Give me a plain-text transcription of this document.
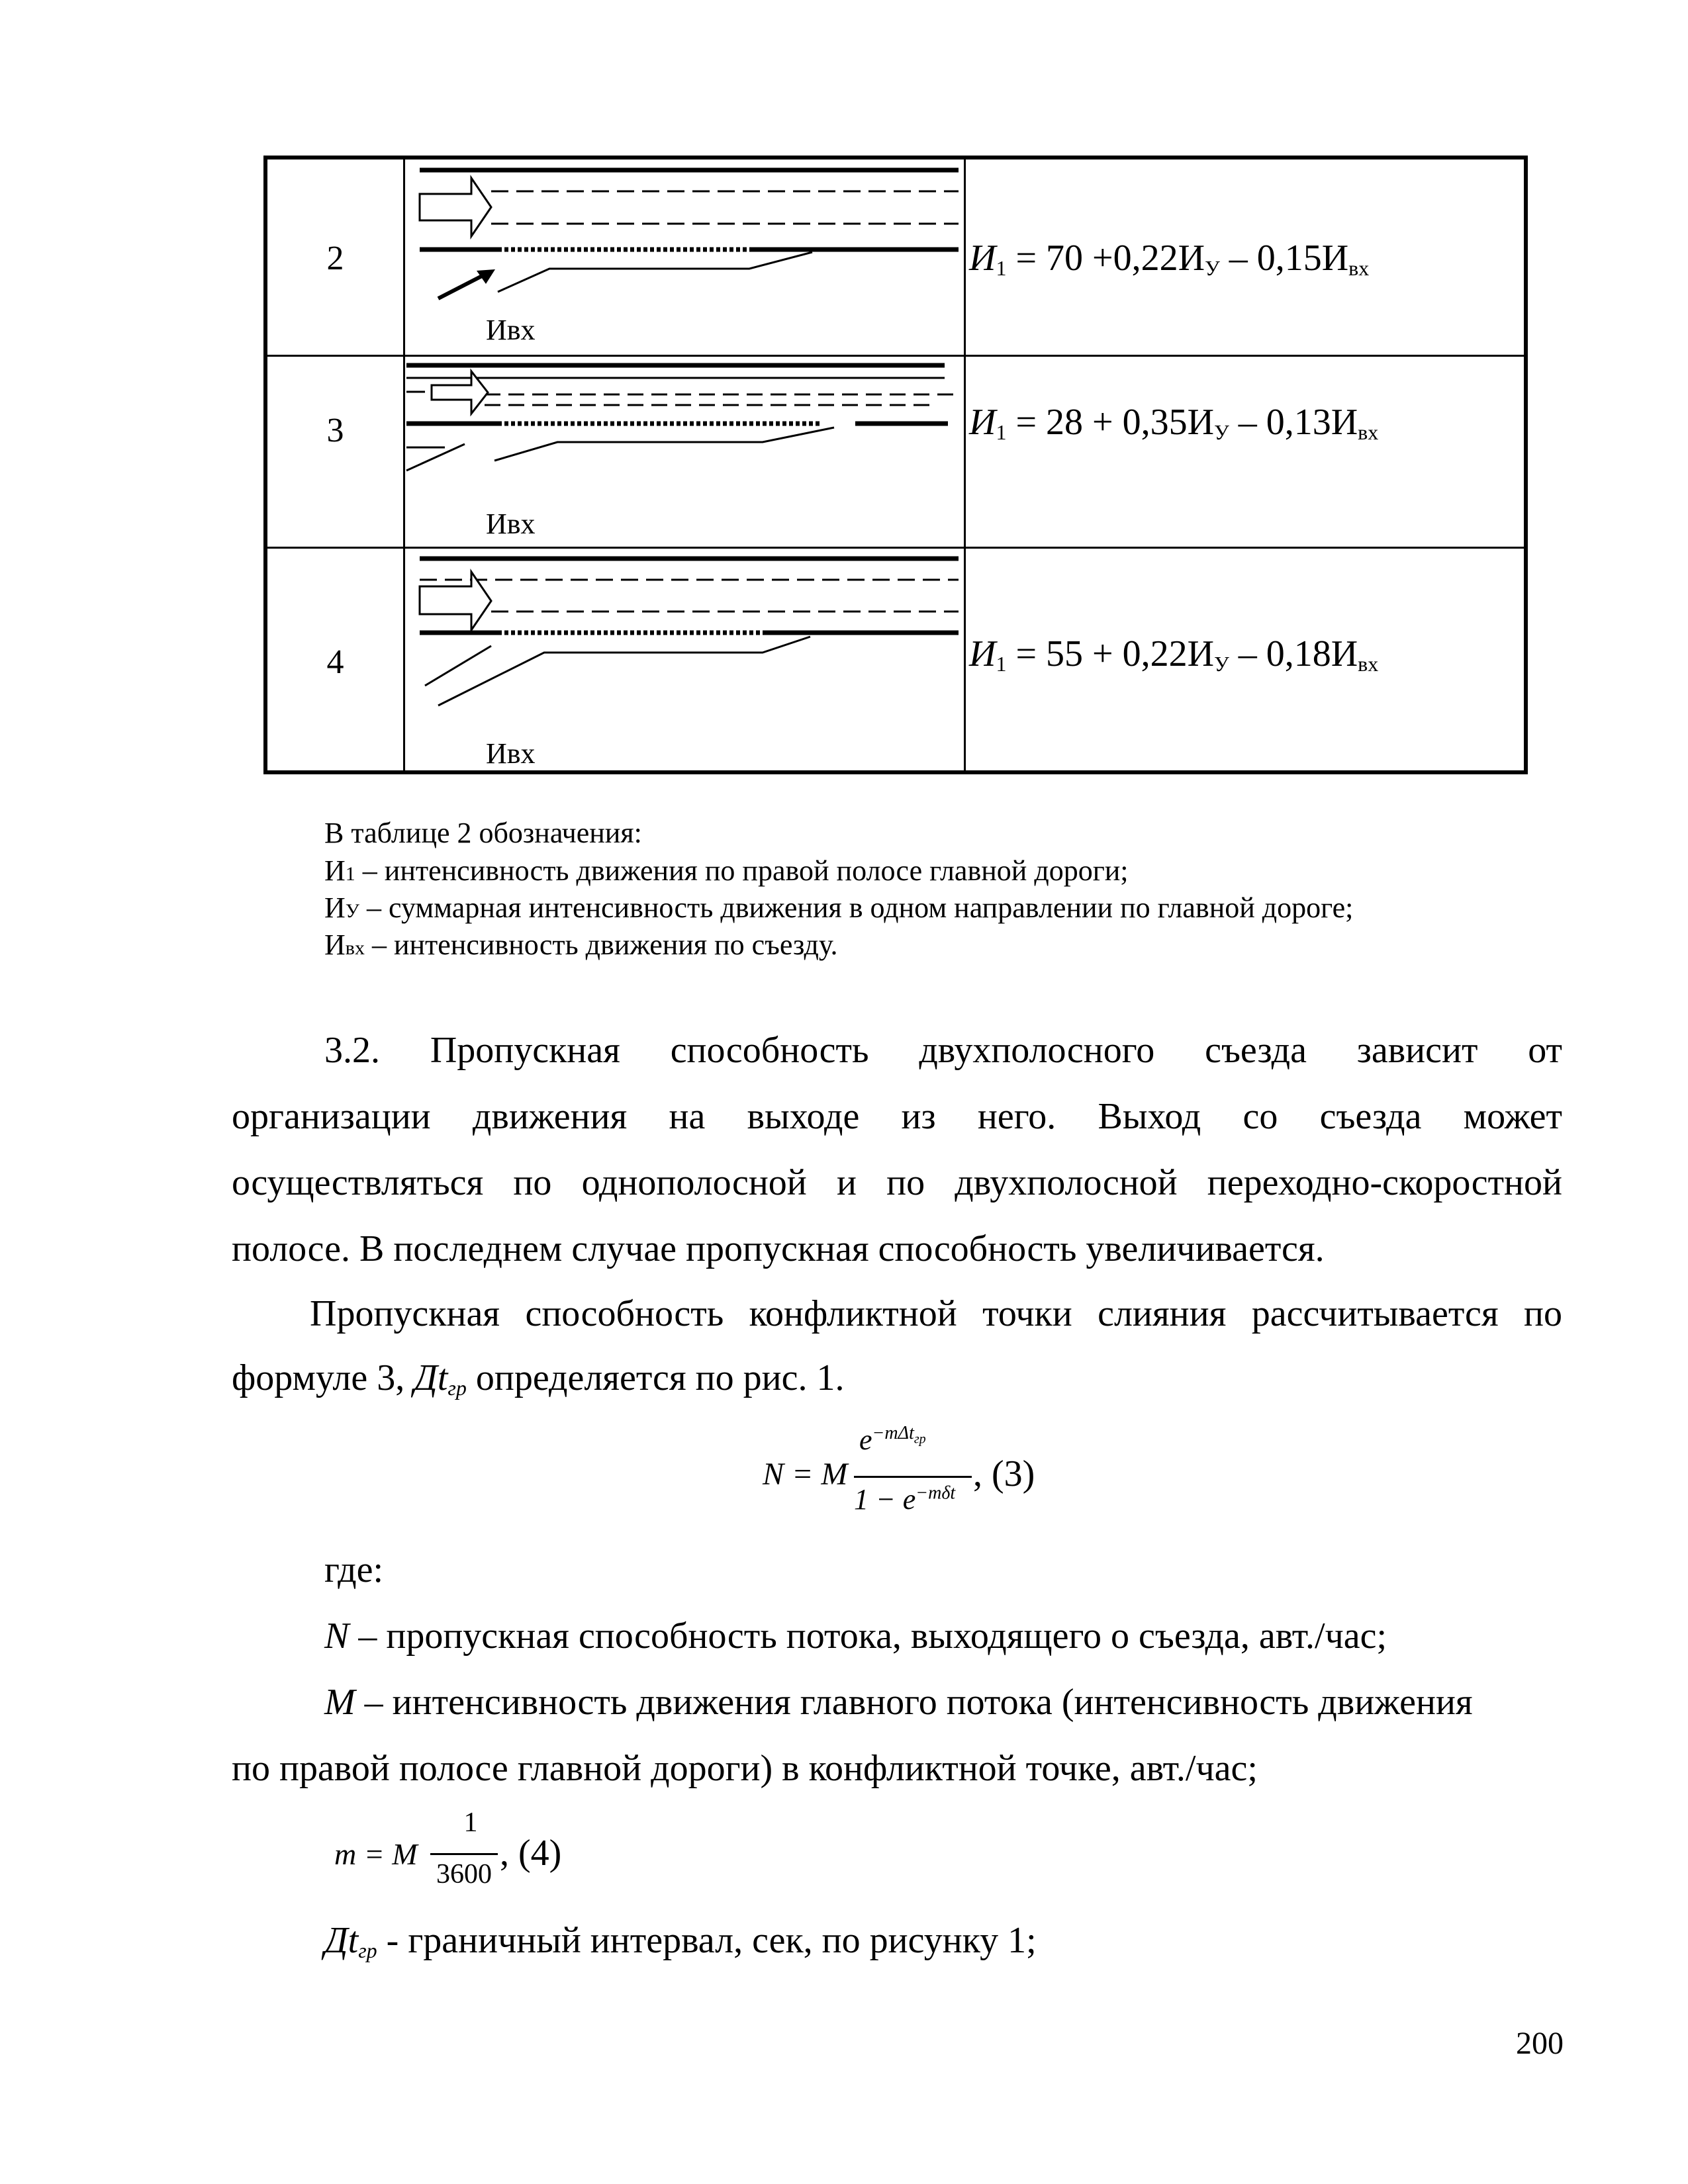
2
Ивх
$И_1 = 70 +0,22И_У - 0,15И_{вх}$
3
Ивх
$И_1 = 28 + 0,35И_У - 0,13И_{вх}$
4
Ивх
$И_1 = 55 + 0,22И_У - 0,18И_{вх}$
В таблице 2 обозначения:
И1 – интенсивность движения по правой полосе главной дороги;
ИУ – суммарная интенсивность движения в одном направлении по главной дороге;
Ивх – интенсивность движения по съезду.
3.2. Пропускная способность двухполосного съезда зависит от
организации движения на выходе из него. Выход со съезда может
осуществляться по однополосной и по двухполосной переходно-скоростной
полосе. В последнем случае пропускная способность увеличивается.
Пропускная способность конфликтной точки слияния рассчитывается по
формуле 3, $Дt_{гр}$ определяется по рис. 1.
N = M
$e^{-m\Delta t_{гр}}$
$1 - e^{-m\delta t}$ , (3)
где:
N – пропускная способность потока, выходящего о съезда, авт./час;
M – интенсивность движения главного потока (интенсивность движения
по правой полосе главной дороги) в конфликтной точке, авт./час;
m = M
1
3600
, (4)
$Дt_{гр}$ - граничный интервал, сек, по рисунку 1;
200
